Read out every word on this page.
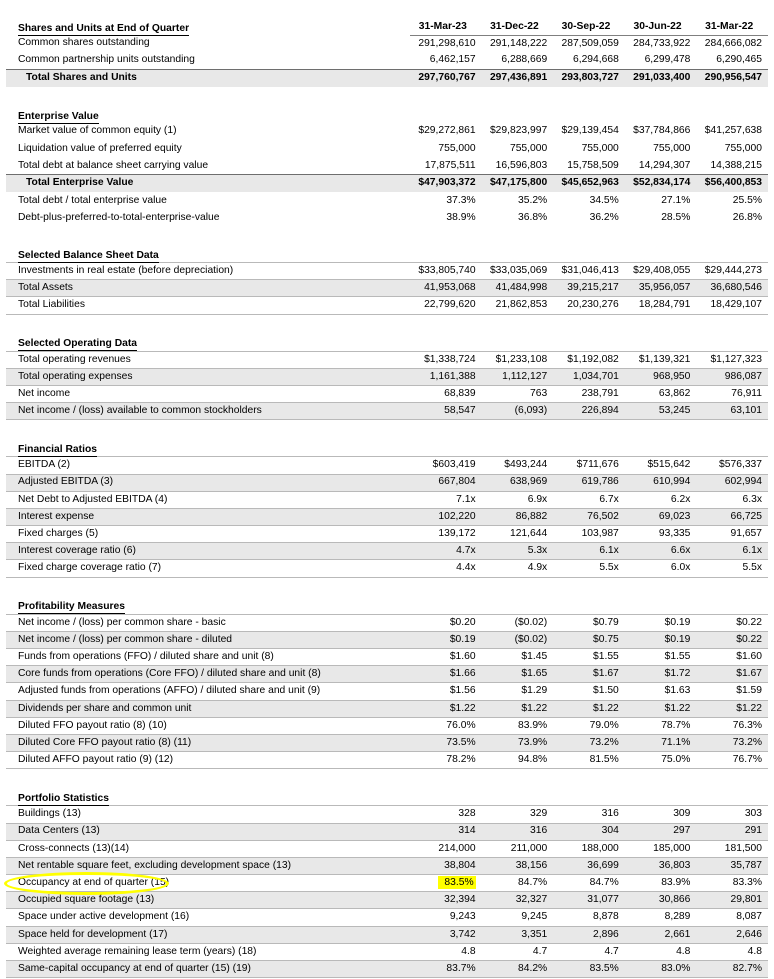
Shares and Units at End of Quarter	31-Mar-23	31-Dec-22	30-Sep-22	30-Jun-22	31-Mar-22
Common shares outstanding	291,298,610	291,148,222	287,509,059	284,733,922	284,666,082
Common partnership units outstanding	6,462,157	6,288,669	6,294,668	6,299,478	6,290,465
Total Shares and Units	297,760,767	297,436,891	293,803,727	291,033,400	290,956,547

Enterprise Value					
Market value of common equity (1)	$29,272,861	$29,823,997	$29,139,454	$37,784,866	$41,257,638
Liquidation value of preferred equity	755,000	755,000	755,000	755,000	755,000
Total debt at balance sheet carrying value	17,875,511	16,596,803	15,758,509	14,294,307	14,388,215
Total Enterprise Value	$47,903,372	$47,175,800	$45,652,963	$52,834,174	$56,400,853
Total debt / total enterprise value	37.3%	35.2%	34.5%	27.1%	25.5%
Debt-plus-preferred-to-total-enterprise-value	38.9%	36.8%	36.2%	28.5%	26.8%

Selected Balance Sheet Data					
Investments in real estate (before depreciation)	$33,805,740	$33,035,069	$31,046,413	$29,408,055	$29,444,273
Total Assets	41,953,068	41,484,998	39,215,217	35,956,057	36,680,546
Total Liabilities	22,799,620	21,862,853	20,230,276	18,284,791	18,429,107

Selected Operating Data					
Total operating revenues	$1,338,724	$1,233,108	$1,192,082	$1,139,321	$1,127,323
Total operating expenses	1,161,388	1,112,127	1,034,701	968,950	986,087
Net income	68,839	763	238,791	63,862	76,911
Net income / (loss) available to common stockholders	58,547	(6,093)	226,894	53,245	63,101

Financial Ratios					
EBITDA (2)	$603,419	$493,244	$711,676	$515,642	$576,337
Adjusted EBITDA (3)	667,804	638,969	619,786	610,994	602,994
Net Debt to Adjusted EBITDA (4)	7.1x	6.9x	6.7x	6.2x	6.3x
Interest expense	102,220	86,882	76,502	69,023	66,725
Fixed charges (5)	139,172	121,644	103,987	93,335	91,657
Interest coverage ratio (6)	4.7x	5.3x	6.1x	6.6x	6.1x
Fixed charge coverage ratio (7)	4.4x	4.9x	5.5x	6.0x	5.5x

Profitability Measures					
Net income / (loss) per common share - basic	$0.20	($0.02)	$0.79	$0.19	$0.22
Net income / (loss) per common share - diluted	$0.19	($0.02)	$0.75	$0.19	$0.22
Funds from operations (FFO) / diluted share and unit (8)	$1.60	$1.45	$1.55	$1.55	$1.60
Core funds from operations (Core FFO) / diluted share and unit (8)	$1.66	$1.65	$1.67	$1.72	$1.67
Adjusted funds from operations (AFFO) / diluted share and unit (9)	$1.56	$1.29	$1.50	$1.63	$1.59
Dividends per share and common unit	$1.22	$1.22	$1.22	$1.22	$1.22
Diluted FFO payout ratio (8) (10)	76.0%	83.9%	79.0%	78.7%	76.3%
Diluted Core FFO payout ratio (8) (11)	73.5%	73.9%	73.2%	71.1%	73.2%
Diluted AFFO payout ratio (9) (12)	78.2%	94.8%	81.5%	75.0%	76.7%

Portfolio Statistics					
Buildings (13)	328	329	316	309	303
Data Centers (13)	314	316	304	297	291
Cross-connects (13)(14)	214,000	211,000	188,000	185,000	181,500
Net rentable square feet, excluding development space (13)	38,804	38,156	36,699	36,803	35,787
Occupancy at end of quarter (15)	83.5%	84.7%	84.7%	83.9%	83.3%
Occupied square footage (13)	32,394	32,327	31,077	30,866	29,801
Space under active development (16)	9,243	9,245	8,878	8,289	8,087
Space held for development (17)	3,742	3,351	2,896	2,661	2,646
Weighted average remaining lease term (years) (18)	4.8	4.7	4.7	4.8	4.8
Same-capital occupancy at end of quarter (15) (19)	83.7%	84.2%	83.5%	83.0%	82.7%
